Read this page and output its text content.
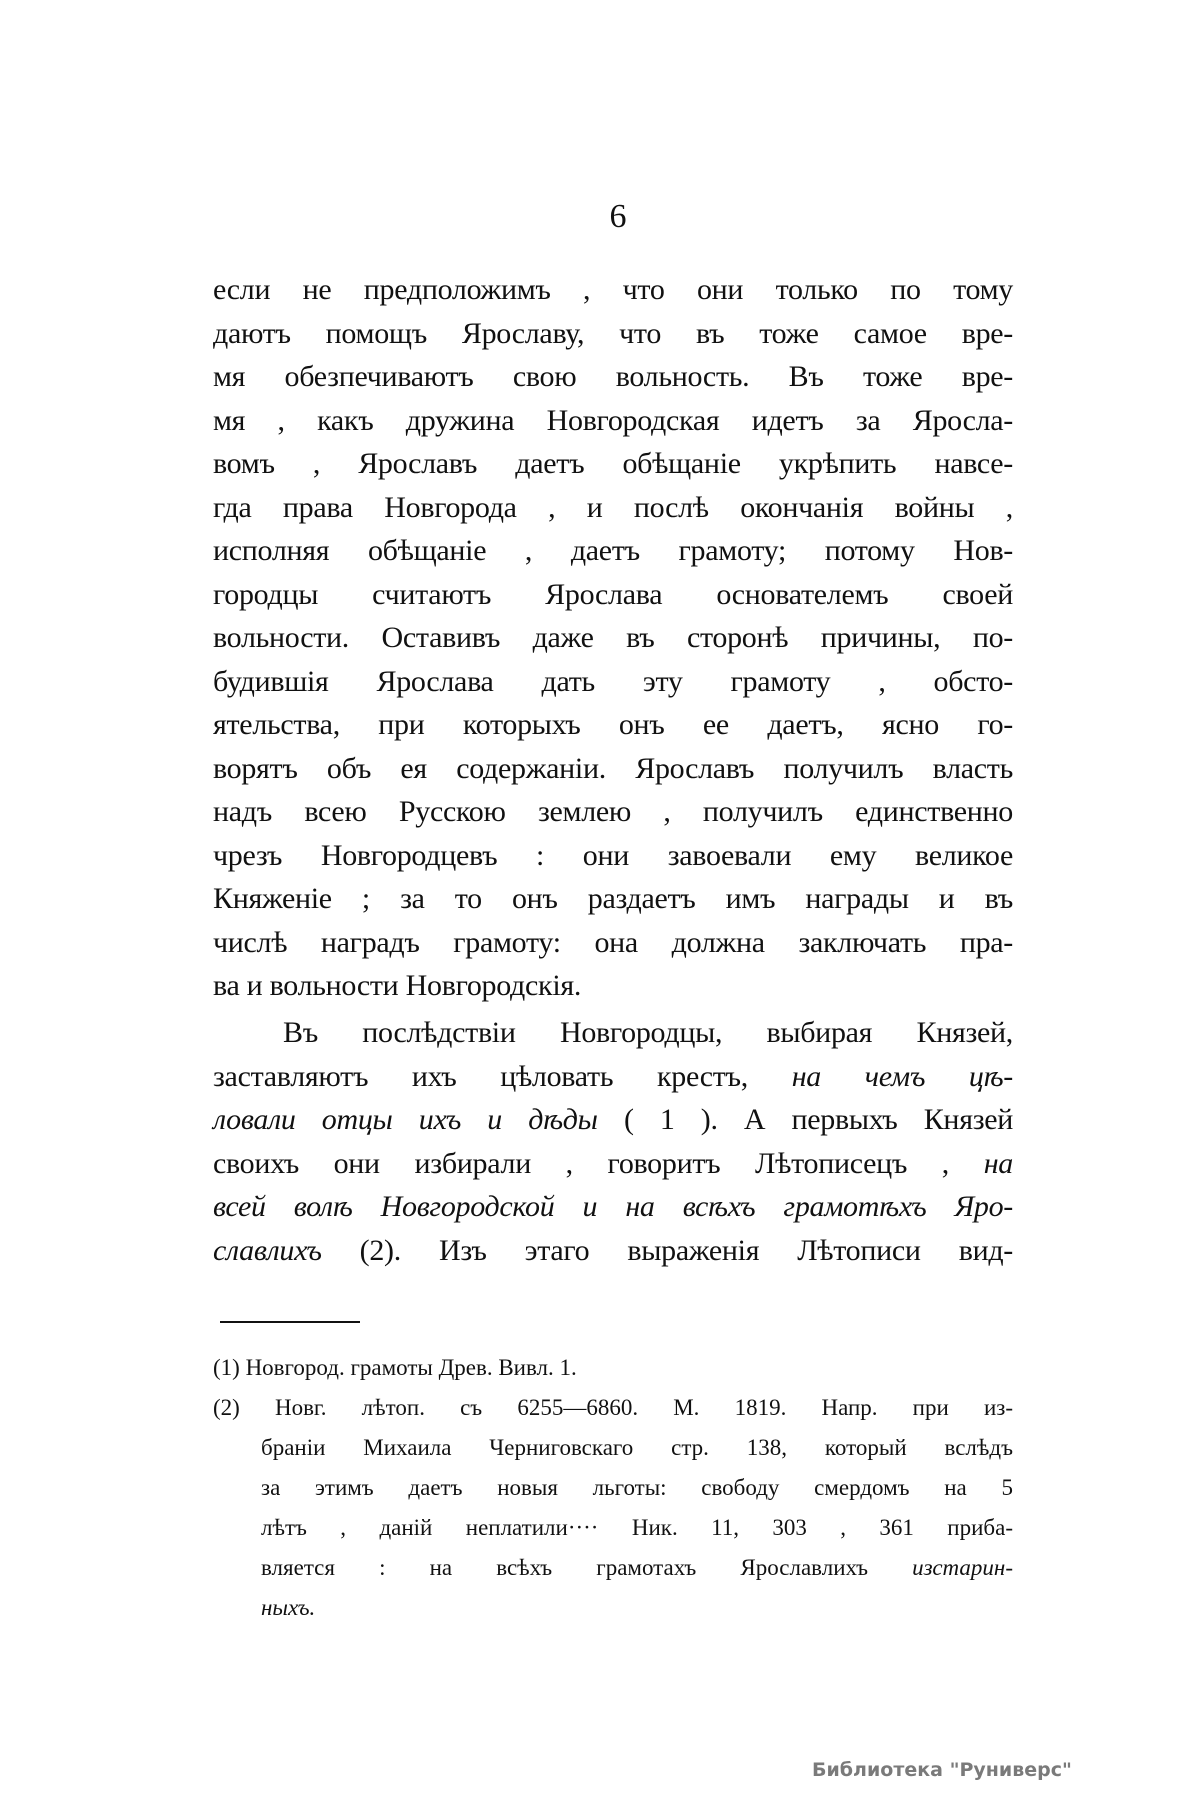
6
если не предположимъ , что они только по тому
даютъ помощъ Ярославу, что въ тоже самое вре-
мя обезпечиваютъ свою вольность. Въ тоже вре-
мя , какъ дружина Новгородская идетъ за Яросла-
вомъ , Ярославъ даетъ обѣщаніе укрѣпить навсе-
гда права Новгорода , и послѣ окончанія войны ,
исполняя обѣщаніе , даетъ грамоту; потому Нов-
городцы считаютъ Ярослава основателемъ своей
вольности. Оставивъ даже въ сторонѣ причины, по-
будившія Ярослава дать эту грамоту , обсто-
ятельства, при которыхъ онъ ее даетъ, ясно го-
ворятъ объ ея содержаніи. Ярославъ получилъ власть
надъ всею Русскою землею , получилъ единственно
чрезъ Новгородцевъ : они завоевали ему великое
Княженіе ; за то онъ раздаетъ имъ награды и въ
числѣ наградъ грамоту: она должна заключать пра-
ва и вольности Новгородскія.
Въ послѣдствіи Новгородцы, выбирая Князей,
заставляютъ ихъ цѣловать крестъ, на чемъ цѣ-
ловали отцы ихъ и дѣды ( 1 ). А первыхъ Князей
своихъ они избирали , говоритъ Лѣтописецъ , на
всей волѣ Новгородской и на всѣхъ грамотѣхъ Яро-
славлихъ (2). Изъ этаго выраженія Лѣтописи вид-
(1) Новгород. грамоты Древ. Вивл. 1.
(2) Новг. лѣтоп. съ 6255—6860. М. 1819. Напр. при из-
браніи Михаила Черниговскаго стр. 138, который вслѣдъ
за этимъ даетъ новыя льготы: свободу смердомъ на 5
лѣтъ , даній неплатили···· Ник. 11, 303 , 361 приба-
вляется : на всѣхъ грамотахъ Ярославлихъ изстарин-
ныхъ.
Библиотека "Руниверс"
